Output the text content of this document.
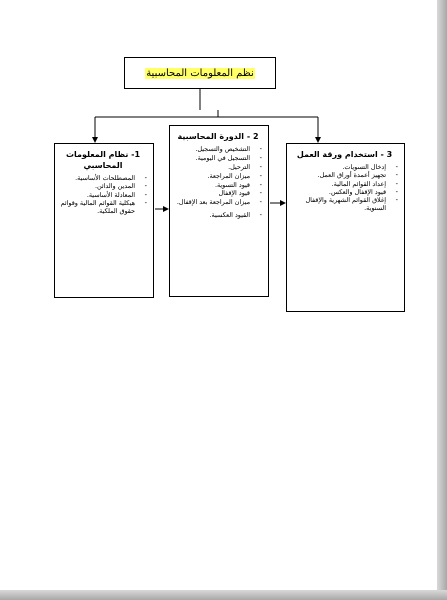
نظم المعلومات المحاسبية
1- نظام المعلومات المحاسبي
-
المصطلحات الأساسية.
-
المدين والدائن.
-
المعادلة الأساسية.
-
هيكلية القوائم المالية وقوائم حقوق الملكية.
2 - الدورة المحاسبية
-
التشخيص والتسجيل.
-
التسجيل في اليومية.
-
الترحيل.
-
ميزان المراجعة.
-
قيود التسوية.
-
قيود الإقفال
-
ميزان المراجعة بعد الإقفال.
-
القيود العكسية.
3 - استخدام ورقة العمل
-
إدخال التسويات.
-
تجهيز أعمدة أوراق العمل.
-
إعداد القوائم المالية.
-
قيود الإقفال والعكس.
-
إغلاق القوائم الشهرية والإقفال السنوية.
